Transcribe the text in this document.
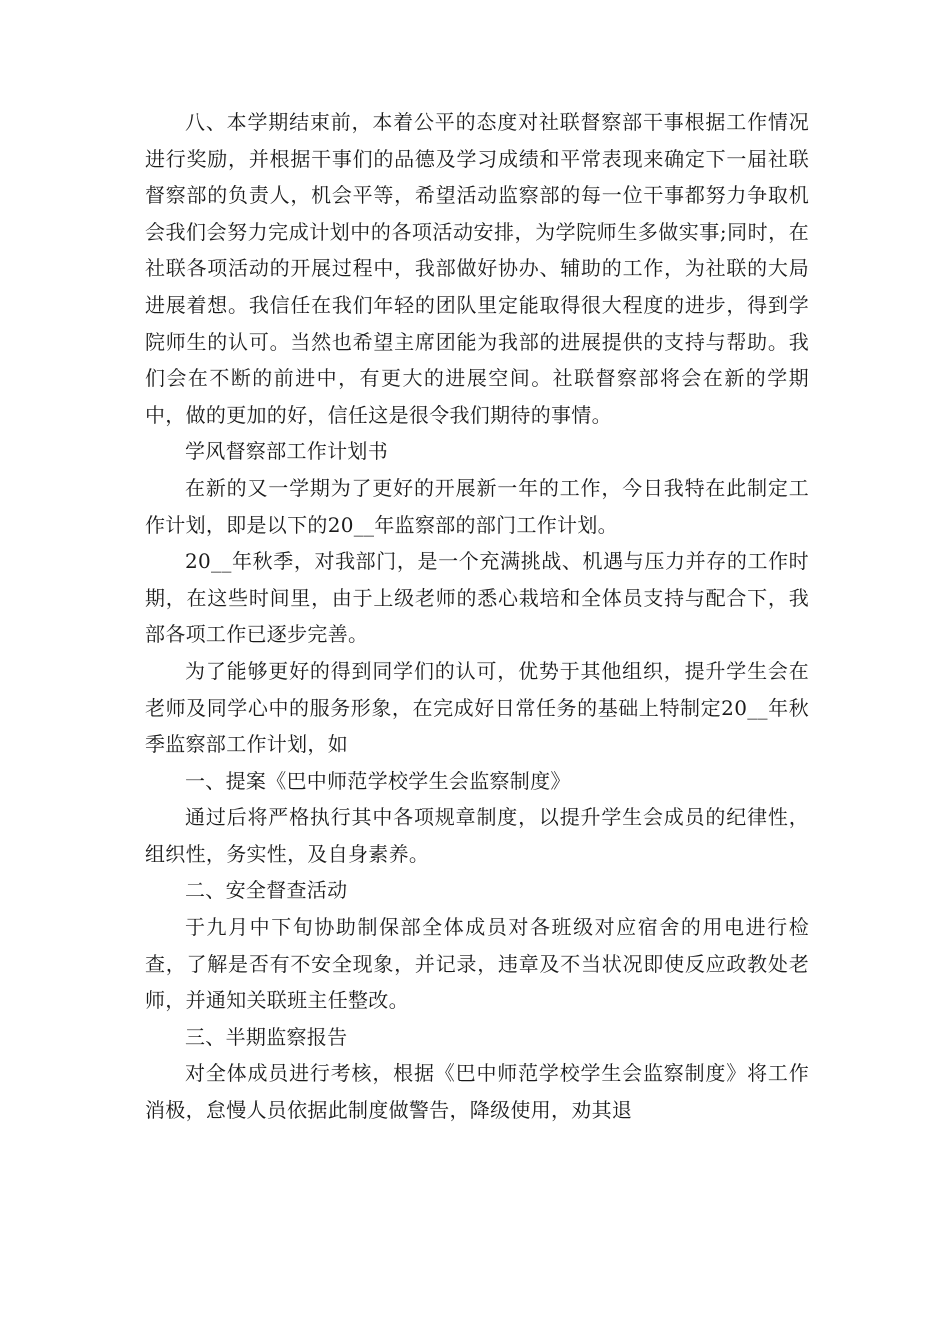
八、本学期结束前，本着公平的态度对社联督察部干事根据工作情况进行奖励，并根据干事们的品德及学习成绩和平常表现来确定下一届社联督察部的负责人，机会平等，希望活动监察部的每一位干事都努力争取机会我们会努力完成计划中的各项活动安排，为学院师生多做实事;同时，在社联各项活动的开展过程中，我部做好协办、辅助的工作，为社联的大局进展着想。我信任在我们年轻的团队里定能取得很大程度的进步，得到学院师生的认可。当然也希望主席团能为我部的进展提供的支持与帮助。我们会在不断的前进中，有更大的进展空间。社联督察部将会在新的学期中，做的更加的好，信任这是很令我们期待的事情。

学风督察部工作计划书

在新的又一学期为了更好的开展新一年的工作，今日我特在此制定工作计划，即是以下的20__年监察部的部门工作计划。

20__年秋季，对我部门，是一个充满挑战、机遇与压力并存的工作时期，在这些时间里，由于上级老师的悉心栽培和全体员支持与配合下，我部各项工作已逐步完善。

为了能够更好的得到同学们的认可，优势于其他组织，提升学生会在老师及同学心中的服务形象，在完成好日常任务的基础上特制定20__年秋季监察部工作计划，如

一、提案《巴中师范学校学生会监察制度》

通过后将严格执行其中各项规章制度，以提升学生会成员的纪律性，组织性，务实性，及自身素养。

二、安全督查活动

于九月中下旬协助制保部全体成员对各班级对应宿舍的用电进行检查，了解是否有不安全现象，并记录，违章及不当状况即使反应政教处老师，并通知关联班主任整改。

三、半期监察报告

对全体成员进行考核，根据《巴中师范学校学生会监察制度》将工作消极，怠慢人员依据此制度做警告，降级使用，劝其退
